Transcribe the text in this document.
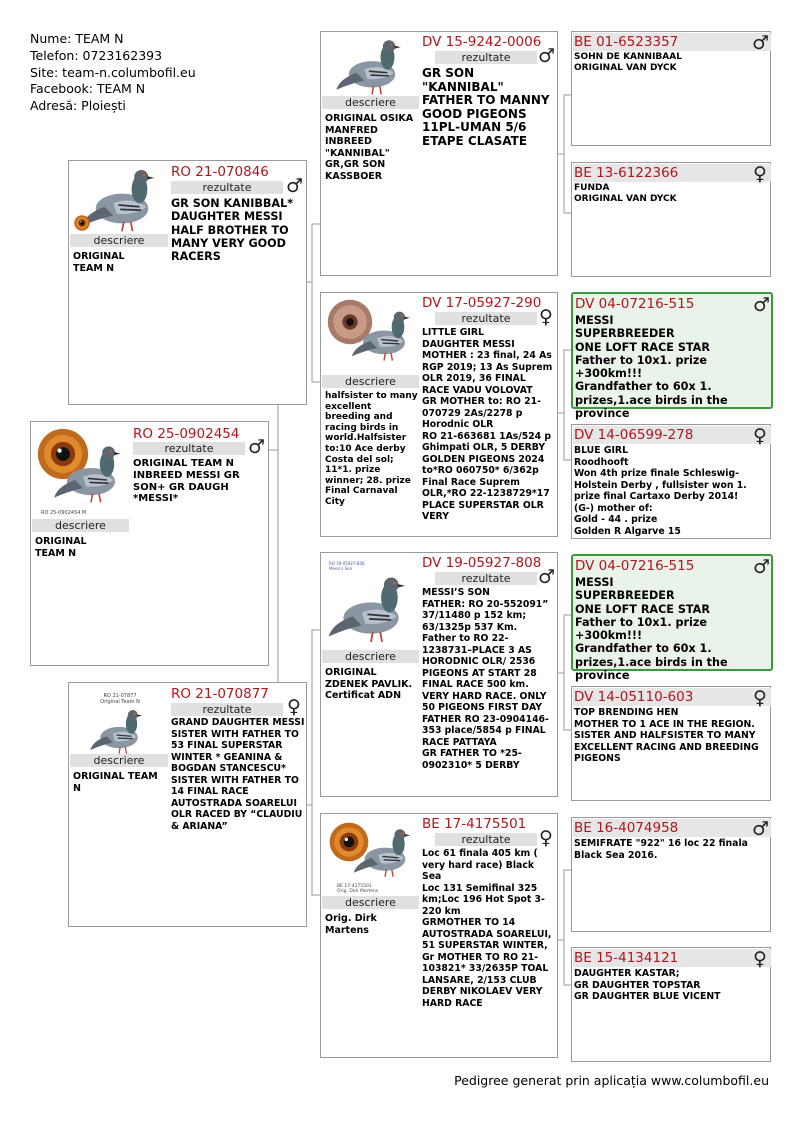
Nume: TEAM N
Telefon: 0723162393
Site: team-n.columbofil.eu
Facebook: TEAM N
Adresă: Ploiești
RO 25-0902454 M
descriere
ORIGINAL
TEAM N
RO 25-0902454
rezultate	♂
ORIGINAL TEAM N INBREED MESSI GR SON+ GR DAUGH *MESSI*
descriere
ORIGINAL
TEAM N
RO 21-070846
rezultate	♂
GR SON KANIBBAL* DAUGHTER MESSI HALF BROTHER TO MANY VERY GOOD RACERS
RO 21-07877
Original Team N
descriere
ORIGINAL TEAM N
RO 21-070877
rezultate	♀
GRAND DAUGHTER MESSI SISTER WITH FATHER TO 53 FINAL SUPERSTAR WINTER * GEANINA & BOGDAN STANCESCU* SISTER WITH FATHER TO 14 FINAL RACE AUTOSTRADA SOARELUI OLR RACED BY “CLAUDIU & ARIANA”
descriere
ORIGINAL OSIKA MANFRED INBREED "KANNIBAL" GR,GR SON KASSBOER
DV 15-9242-0006
rezultate	♂
GR SON "KANNIBAL" FATHER TO MANNY GOOD PIGEONS 11PL-UMAN 5/6 ETAPE CLASATE
descriere
halfsister to many excellent breeding and racing birds in world.Halfsister to:10 Ace derby Costa del sol; 11*1. prize winner; 28. prize Final Carnaval City
DV 17-05927-290
rezultate	♀
LITTLE GIRL
DAUGHTER MESSI
MOTHER : 23 final, 24 As RGP 2019; 13 As Suprem OLR 2019, 36 FINAL RACE VADU VOLOVAT
GR MOTHER to: RO 21-070729 2As/2278 p Horodnic OLR
RO 21-663681 1As/524 p Ghimpati OLR, 5 DERBY GOLDEN PIGEONS 2024
to*RO 060750* 6/362p Final Race Suprem OLR,*RO 22-1238729*17 PLACE SUPERSTAR OLR VERY
RO 19-05927-808 Messi's Son
descriere
ORIGINAL ZDENEK PAVLIK. Certificat ADN
DV 19-05927-808
rezultate	♂
MESSI’S SON
FATHER: RO 20-552091” 37/11480 p 152 km; 63/1325p 537 Km.
Father to RO 22-1238731–PLACE 3 AS HORODNIC OLR/ 2536 PIGEONS AT START 28 FINAL RACE 500 km. VERY HARD RACE. ONLY 50 PIGEONS FIRST DAY
FATHER RO 23-0904146- 353 place/5854 p FINAL RACE PATTAYA
GR FATHER TO *25-0902310* 5 DERBY
BE 17-4175501
Orig. Dirk Martens
descriere
Orig. Dirk Martens
BE 17-4175501
rezultate	♀
Loc 61 finala 405 km ( very hard race) Black Sea
Loc 131 Semifinal 325 km;Loc 196 Hot Spot 3-220 km
GRMOTHER TO 14 AUTOSTRADA SOARELUI, 51 SUPERSTAR WINTER, Gr MOTHER TO RO 21-103821* 33/2635P TOAL LANSARE, 2/153 CLUB DERBY NIKOLAEV VERY HARD RACE
BE 01-6523357	♂
SOHN DE KANNIBAAL
ORIGINAL VAN DYCK
BE 13-6122366	♀
FUNDA
ORIGINAL VAN DYCK
DV 04-07216-515	♂
MESSI
SUPERBREEDER
ONE LOFT RACE STAR
Father to 10x1. prize +300km!!!
Grandfather to 60x 1. prizes,1.ace birds in the province
DV 14-06599-278	♀
BLUE GIRL
Roodhooft
Won 4th prize finale Schleswig-Holstein Derby , fullsister won 1.
prize final Cartaxo Derby 2014!
(G-) mother of:
Gold - 44 . prize
Golden R Algarve 15
DV 04-07216-515	♂
MESSI
SUPERBREEDER
ONE LOFT RACE STAR
Father to 10x1. prize +300km!!!
Grandfather to 60x 1. prizes,1.ace birds in the province
DV 14-05110-603	♀
TOP BRENDING HEN
MOTHER TO 1 ACE IN THE REGION. SISTER AND HALFSISTER TO MANY EXCELLENT RACING AND BREEDING PIGEONS
BE 16-4074958	♂
SEMIFRATE "922" 16 loc 22 finala Black Sea 2016.
BE 15-4134121	♀
DAUGHTER KASTAR;
GR DAUGHTER TOPSTAR
GR DAUGHTER BLUE VICENT
Pedigree generat prin aplicația www.columbofil.eu
